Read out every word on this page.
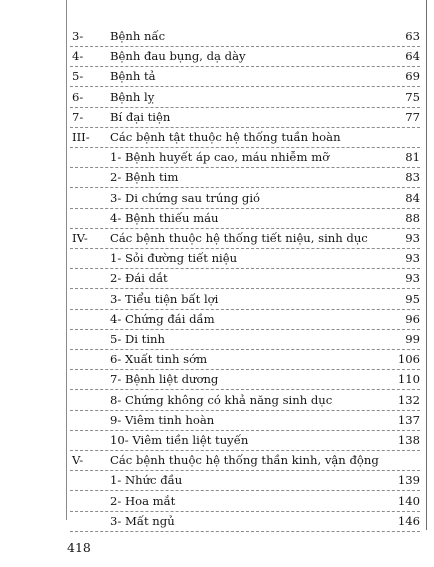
3-	Bệnh nấc	63
4-	Bệnh đau bụng, dạ dày	64
5-	Bệnh tả	69
6-	Bệnh lỵ	75
7-	Bí đại tiện	77
III-	Các bệnh tật thuộc hệ thống tuần hoàn
1- Bệnh huyết áp cao, máu nhiễm mỡ	81
2- Bệnh tim	83
3- Di chứng sau trúng gió	84
4- Bệnh thiếu máu	88
IV-	Các bệnh thuộc hệ thống tiết niệu, sinh dục	93
1- Sỏi đường tiết niệu	93
2- Đái dắt	93
3- Tiểu tiện bất lợi	95
4- Chứng đái dầm	96
5- Di tinh	99
6- Xuất tinh sớm	106
7- Bệnh liệt dương	110
8- Chứng không có khả năng sinh dục	132
9- Viêm tinh hoàn	137
10- Viêm tiền liệt tuyến	138
V-	Các bệnh thuộc hệ thống thần kinh, vận động
1- Nhức đầu	139
2- Hoa mắt	140
3- Mất ngủ	146
418
